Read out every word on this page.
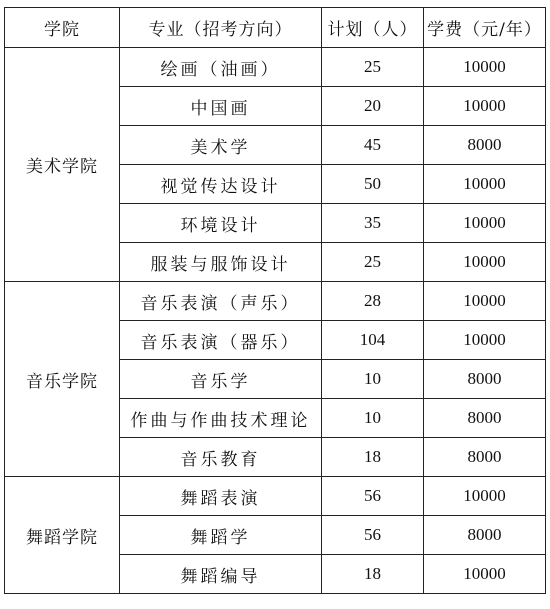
学院	专业（招考方向）	计划（人）	学费（元/年）
美术学院	绘画（油画）	25	10000
	中国画	20	10000
	美术学	45	8000
	视觉传达设计	50	10000
	环境设计	35	10000
	服装与服饰设计	25	10000
音乐学院	音乐表演（声乐）	28	10000
	音乐表演（器乐）	104	10000
	音乐学	10	8000
	作曲与作曲技术理论	10	8000
	音乐教育	18	8000
舞蹈学院	舞蹈表演	56	10000
	舞蹈学	56	8000
	舞蹈编导	18	10000
